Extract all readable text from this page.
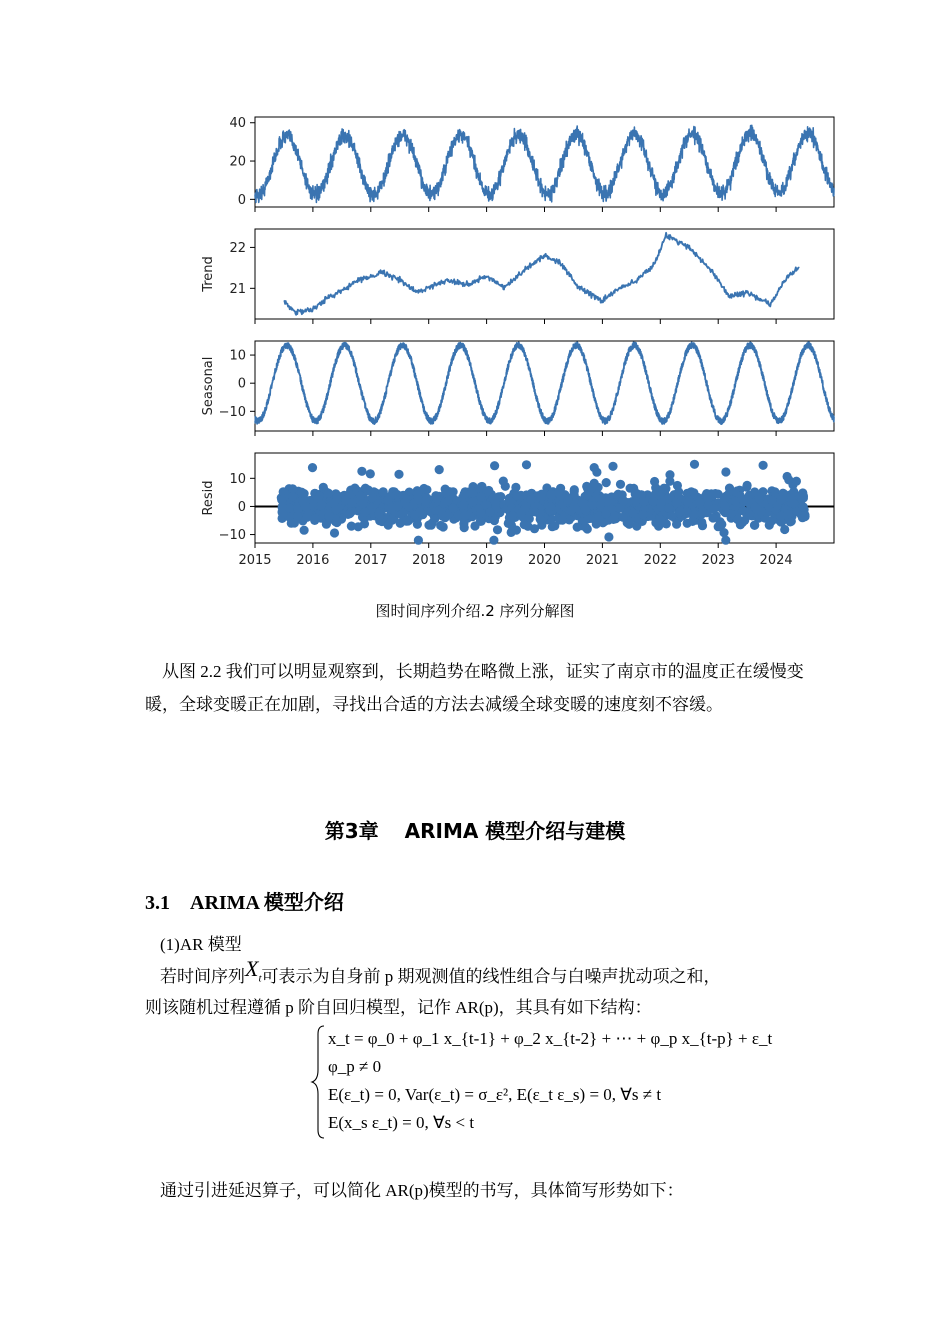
0
20
40
21
22
Trend
10
0
−10
Seasonal
10
0
−10
Resid
2015 2016 2017 2018 2019 2020 2021 2022 2023 2024
图时间序列介绍.2 序列分解图
从图 2.2 我们可以明显观察到，长期趋势在略微上涨，证实了南京市的温度正在缓慢变暖，全球变暖正在加剧，寻找出合适的方法去减缓全球变暖的速度刻不容缓。
第3章 ARIMA 模型介绍与建模
3.1 ARIMA 模型介绍
(1)AR 模型
若时间序列$X_t$可表示为自身前 p 期观测值的线性组合与白噪声扰动项之和，
则该随机过程遵循 p 阶自回归模型，记作 AR(p)，其具有如下结构：
x_t = φ_0 + φ_1 x_{t-1} + φ_2 x_{t-2} + ⋯ + φ_p x_{t-p} + ε_t
φ_p ≠ 0
E(ε_t) = 0, Var(ε_t) = σ_ε², E(ε_t ε_s) = 0, ∀s ≠ t
E(x_s ε_t) = 0, ∀s < t
通过引进延迟算子，可以简化 AR(p)模型的书写，具体简写形势如下：
